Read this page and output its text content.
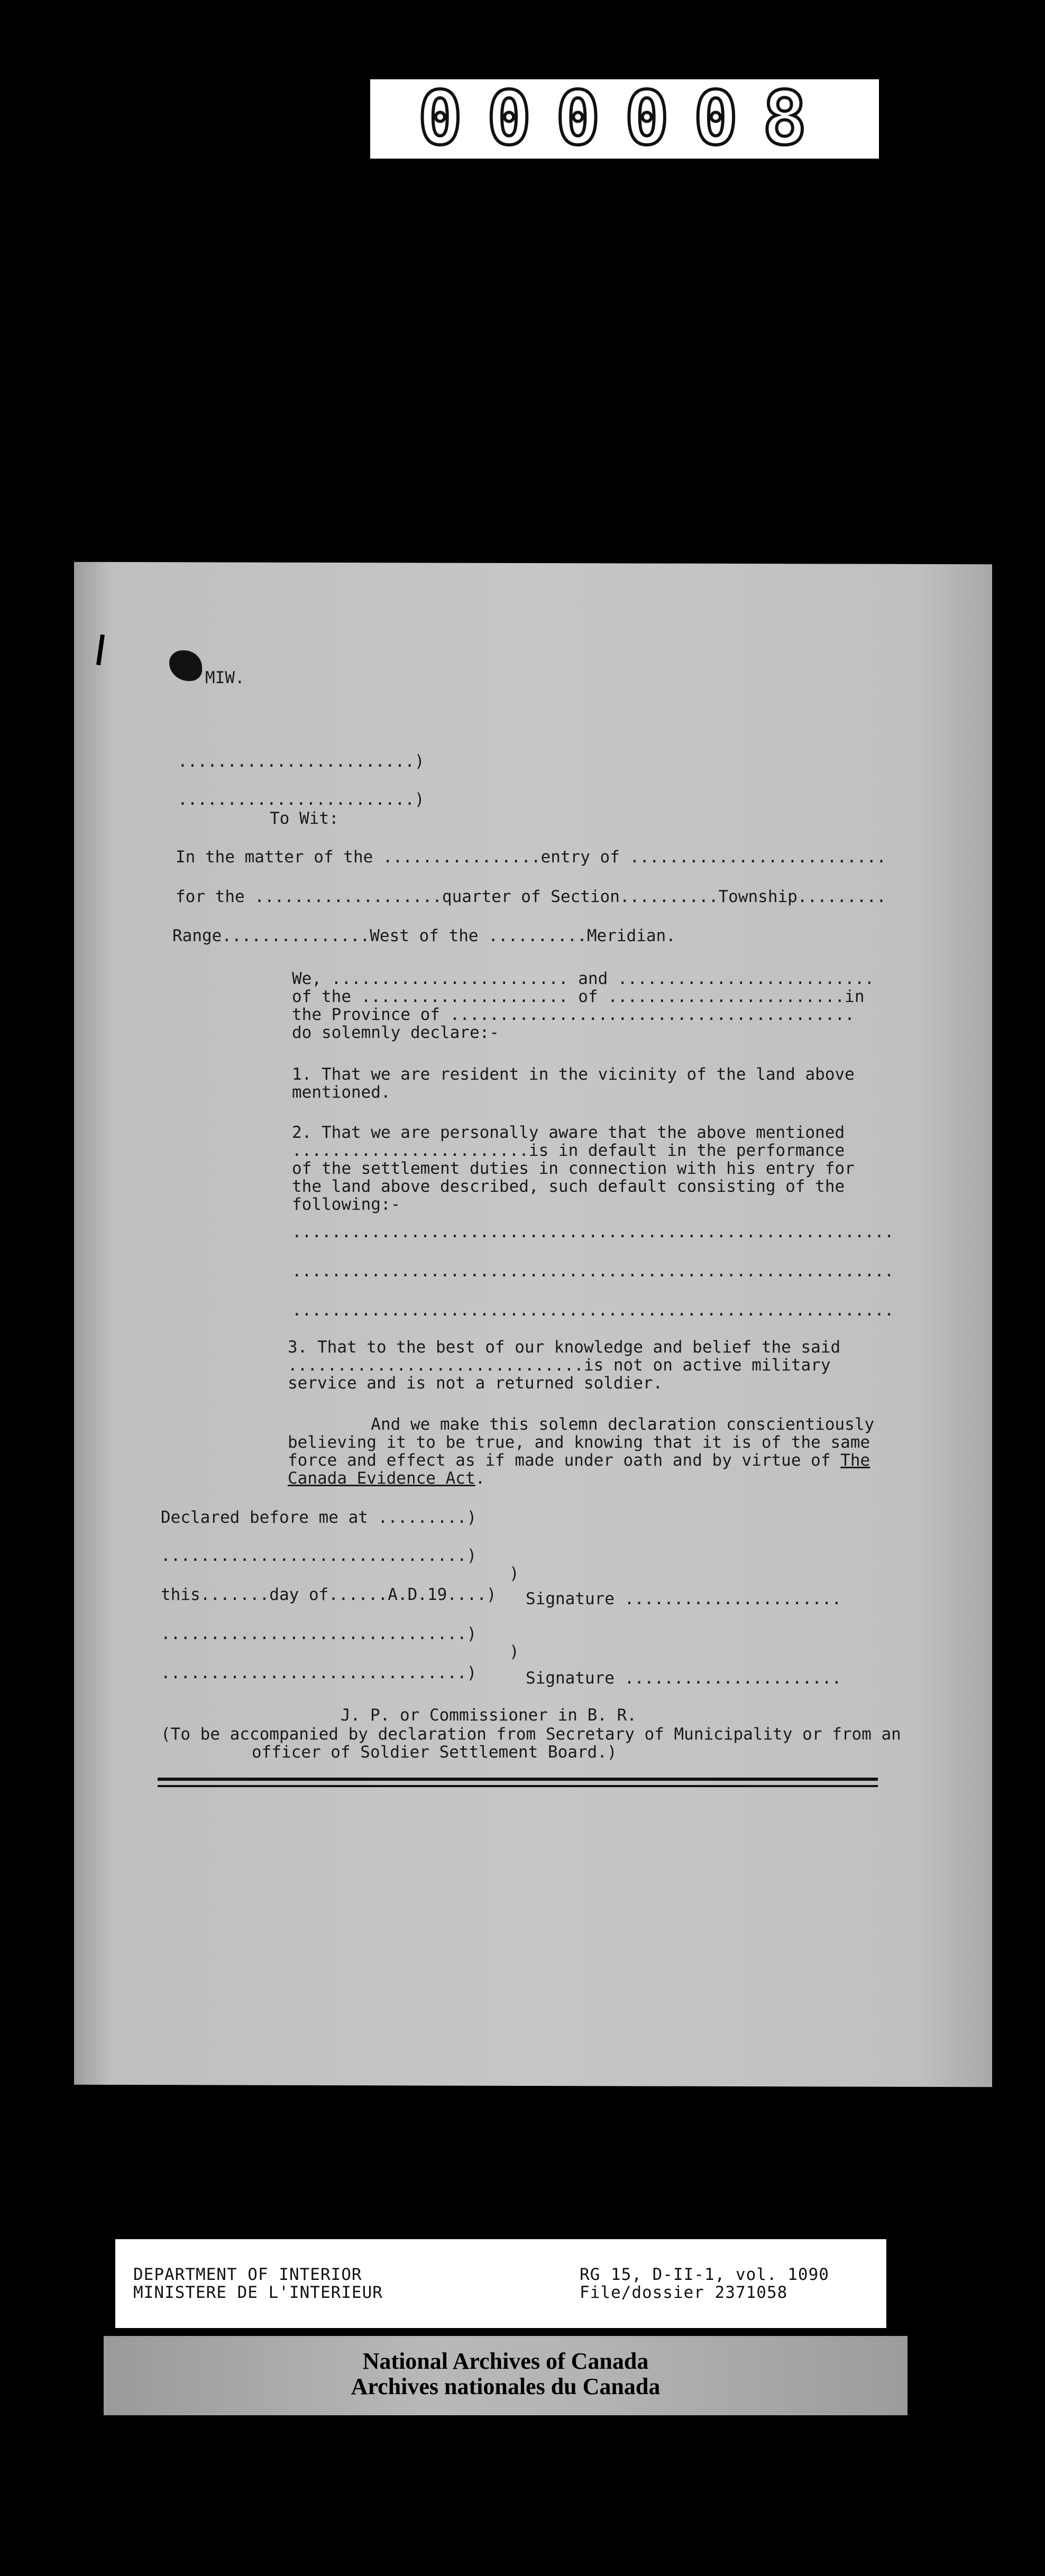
000008
MIW.
........................)
........................)
To Wit:
In the matter of the ................entry of ..........................
for the ...................quarter of Section..........Township.........
Range...............West of the ..........Meridian.
We, ........................ and ..........................
of the ..................... of ........................in
the Province of .........................................
do solemnly declare:-
1. That we are resident in the vicinity of the land above
mentioned.
2. That we are personally aware that the above mentioned
........................is in default in the performance
of the settlement duties in connection with his entry for
the land above described, such default consisting of the
following:-
.............................................................
.............................................................
.............................................................
3. That to the best of our knowledge and belief the said
..............................is not on active military
service and is not a returned soldier.
And we make this solemn declaration conscientiously
believing it to be true, and knowing that it is of the same
force and effect as if made under oath and by virtue of The
Canada Evidence Act.
Declared before me at .........)
...............................)
)
this.......day of......A.D.19....)
...............................)
)
...............................)
Signature ......................
Signature ......................
J. P. or Commissioner in B. R.
(To be accompanied by declaration from Secretary of Municipality or from an
officer of Soldier Settlement Board.)
DEPARTMENT OF INTERIOR
MINISTERE DE L'INTERIEUR
RG 15, D-II-1, vol. 1090
File/dossier 2371058
National Archives of Canada
Archives nationales du Canada
